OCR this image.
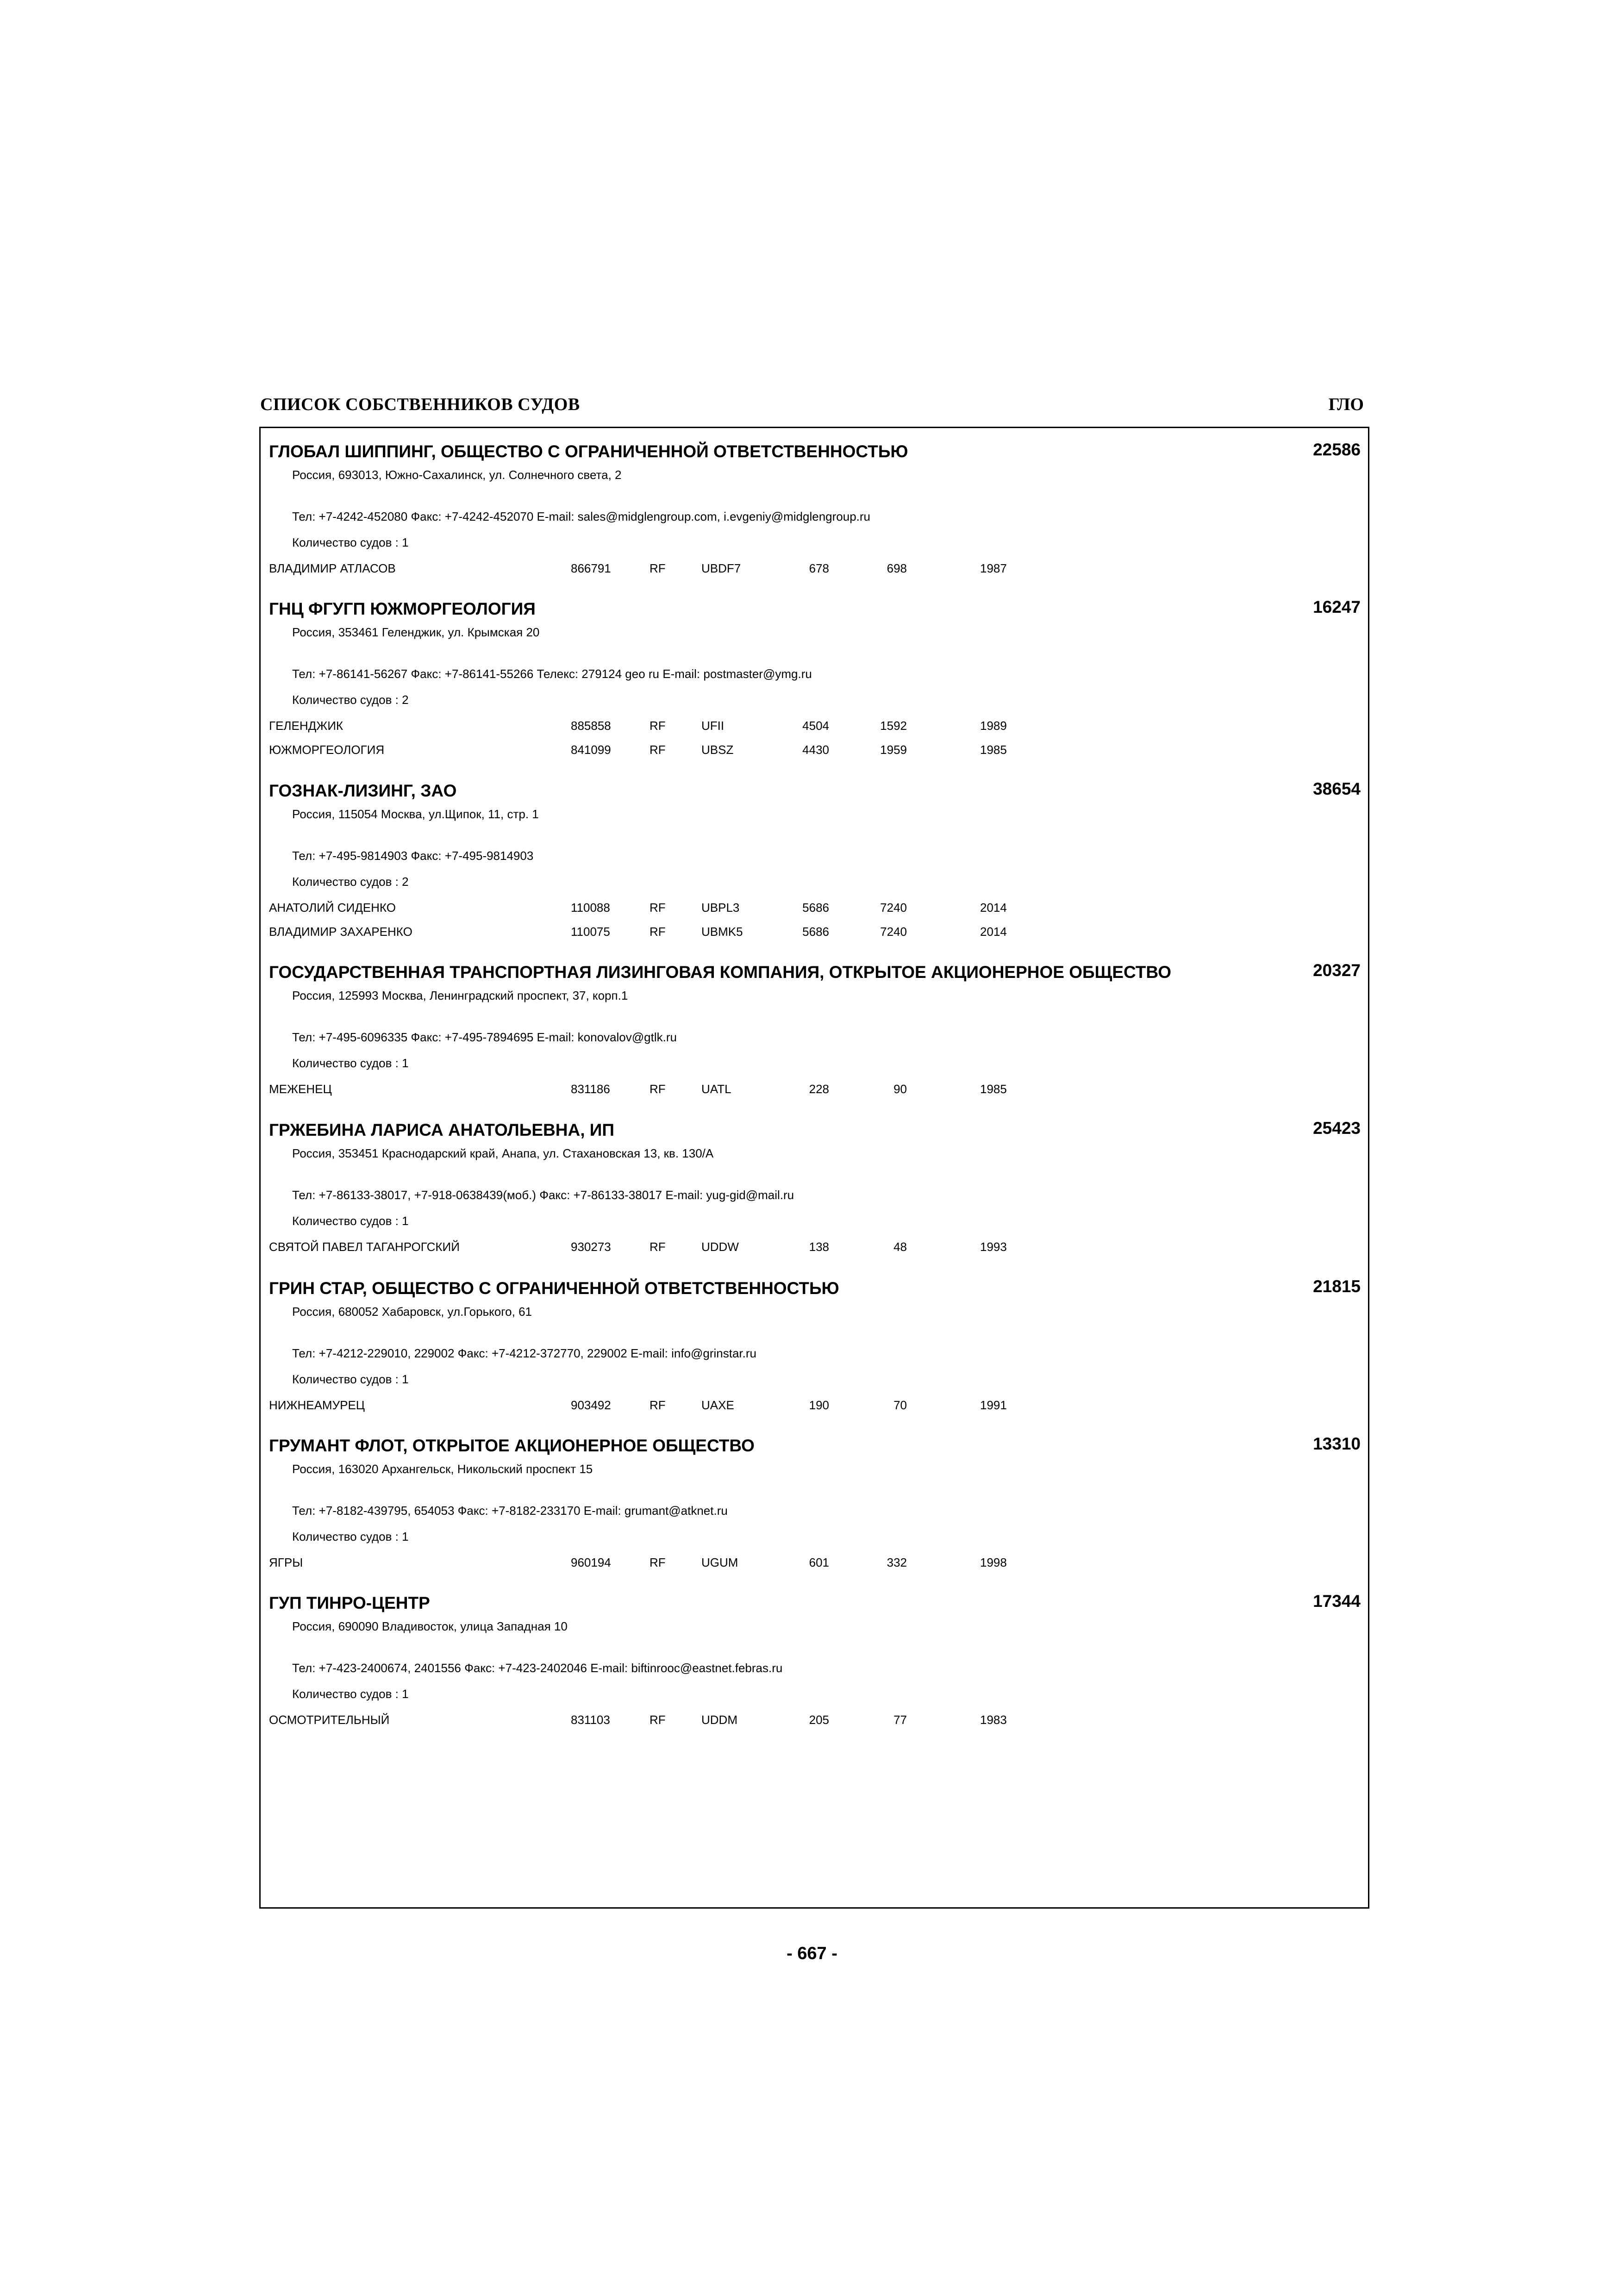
СПИСОК СОБСТВЕННИКОВ СУДОВ	ГЛО
ГЛОБАЛ ШИППИНГ, ОБЩЕСТВО С ОГРАНИЧЕННОЙ ОТВЕТСТВЕННОСТЬЮ	22586
Россия, 693013, Южно-Сахалинск, ул. Солнечного света, 2
Тел: +7-4242-452080 Факс: +7-4242-452070 E-mail: sales@midglengroup.com, i.evgeniy@midglengroup.ru
Количество судов : 1
ВЛАДИМИР АТЛАСОВ	866791	RF	UBDF7	678	698	1987
ГНЦ ФГУГП ЮЖМОРГЕОЛОГИЯ	16247
Россия, 353461 Геленджик, ул. Крымская 20
Тел: +7-86141-56267 Факс: +7-86141-55266 Телекс: 279124 geo ru E-mail: postmaster@ymg.ru
Количество судов : 2
ГЕЛЕНДЖИК	885858	RF	UFII	4504	1592	1989
ЮЖМОРГЕОЛОГИЯ	841099	RF	UBSZ	4430	1959	1985
ГОЗНАК-ЛИЗИНГ, ЗАО	38654
Россия, 115054 Москва, ул.Щипок, 11, стр. 1
Тел: +7-495-9814903 Факс: +7-495-9814903
Количество судов : 2
АНАТОЛИЙ СИДЕНКО	110088	RF	UBPL3	5686	7240	2014
ВЛАДИМИР ЗАХАРЕНКО	110075	RF	UBMK5	5686	7240	2014
ГОСУДАРСТВЕННАЯ ТРАНСПОРТНАЯ ЛИЗИНГОВАЯ КОМПАНИЯ, ОТКРЫТОЕ АКЦИОНЕРНОЕ ОБЩЕСТВО	20327
Россия, 125993 Москва, Ленинградский проспект, 37, корп.1
Тел: +7-495-6096335 Факс: +7-495-7894695 E-mail: konovalov@gtlk.ru
Количество судов : 1
МЕЖЕНЕЦ	831186	RF	UATL	228	90	1985
ГРЖЕБИНА ЛАРИСА АНАТОЛЬЕВНА, ИП	25423
Россия, 353451 Краснодарский край, Анапа, ул. Стахановская 13, кв. 130/А
Тел: +7-86133-38017, +7-918-0638439(моб.) Факс: +7-86133-38017 E-mail: yug-gid@mail.ru
Количество судов : 1
СВЯТОЙ ПАВЕЛ ТАГАНРОГСКИЙ	930273	RF	UDDW	138	48	1993
ГРИН СТАР, ОБЩЕСТВО С ОГРАНИЧЕННОЙ ОТВЕТСТВЕННОСТЬЮ	21815
Россия, 680052 Хабаровск, ул.Горького, 61
Тел: +7-4212-229010, 229002 Факс: +7-4212-372770, 229002 E-mail: info@grinstar.ru
Количество судов : 1
НИЖНЕАМУРЕЦ	903492	RF	UAXE	190	70	1991
ГРУМАНТ ФЛОТ, ОТКРЫТОЕ АКЦИОНЕРНОЕ ОБЩЕСТВО	13310
Россия, 163020 Архангельск, Никольский проспект 15
Тел: +7-8182-439795, 654053 Факс: +7-8182-233170 E-mail: grumant@atknet.ru
Количество судов : 1
ЯГРЫ	960194	RF	UGUM	601	332	1998
ГУП ТИНРО-ЦЕНТР	17344
Россия, 690090 Владивосток, улица Западная 10
Тел: +7-423-2400674, 2401556 Факс: +7-423-2402046 E-mail: biftinrooc@eastnet.febras.ru
Количество судов : 1
ОСМОТРИТЕЛЬНЫЙ	831103	RF	UDDM	205	77	1983
- 667 -
